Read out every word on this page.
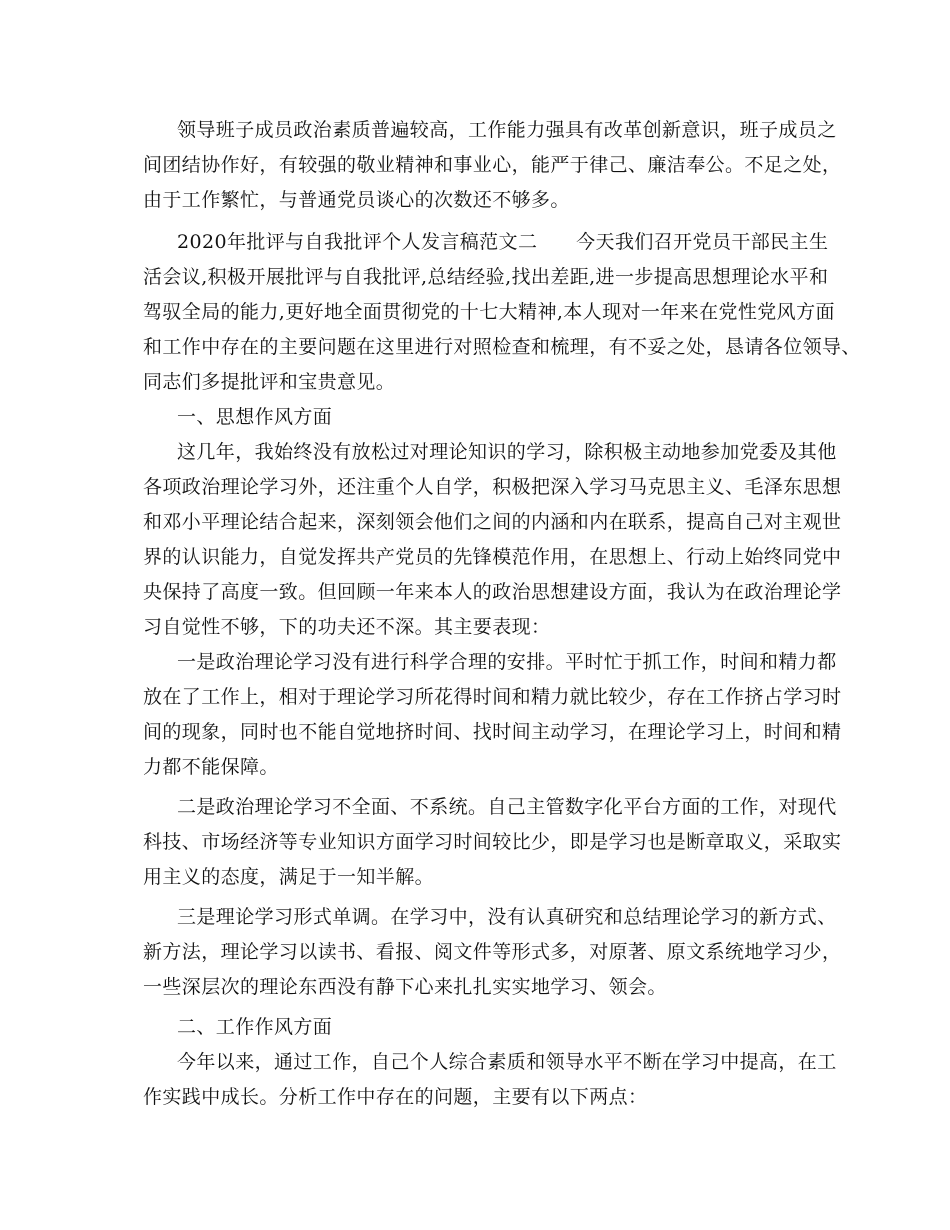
领导班子成员政治素质普遍较高，工作能力强具有改革创新意识，班子成员之
间团结协作好，有较强的敬业精神和事业心，能严于律己、廉洁奉公。不足之处，
由于工作繁忙，与普通党员谈心的次数还不够多。
2020年批评与自我批评个人发言稿范文二　　今天我们召开党员干部民主生
活会议,积极开展批评与自我批评,总结经验,找出差距,进一步提高思想理论水平和
驾驭全局的能力,更好地全面贯彻党的十七大精神,本人现对一年来在党性党风方面
和工作中存在的主要问题在这里进行对照检查和梳理，有不妥之处，恳请各位领导、
同志们多提批评和宝贵意见。
一、思想作风方面
这几年，我始终没有放松过对理论知识的学习，除积极主动地参加党委及其他
各项政治理论学习外，还注重个人自学，积极把深入学习马克思主义、毛泽东思想
和邓小平理论结合起来，深刻领会他们之间的内涵和内在联系，提高自己对主观世
界的认识能力，自觉发挥共产党员的先锋模范作用，在思想上、行动上始终同党中
央保持了高度一致。但回顾一年来本人的政治思想建设方面，我认为在政治理论学
习自觉性不够，下的功夫还不深。其主要表现：
一是政治理论学习没有进行科学合理的安排。平时忙于抓工作，时间和精力都
放在了工作上，相对于理论学习所花得时间和精力就比较少，存在工作挤占学习时
间的现象，同时也不能自觉地挤时间、找时间主动学习，在理论学习上，时间和精
力都不能保障。
二是政治理论学习不全面、不系统。自己主管数字化平台方面的工作，对现代
科技、市场经济等专业知识方面学习时间较比少，即是学习也是断章取义，采取实
用主义的态度，满足于一知半解。
三是理论学习形式单调。在学习中，没有认真研究和总结理论学习的新方式、
新方法，理论学习以读书、看报、阅文件等形式多，对原著、原文系统地学习少，
一些深层次的理论东西没有静下心来扎扎实实地学习、领会。
二、工作作风方面
今年以来，通过工作，自己个人综合素质和领导水平不断在学习中提高，在工
作实践中成长。分析工作中存在的问题，主要有以下两点：
